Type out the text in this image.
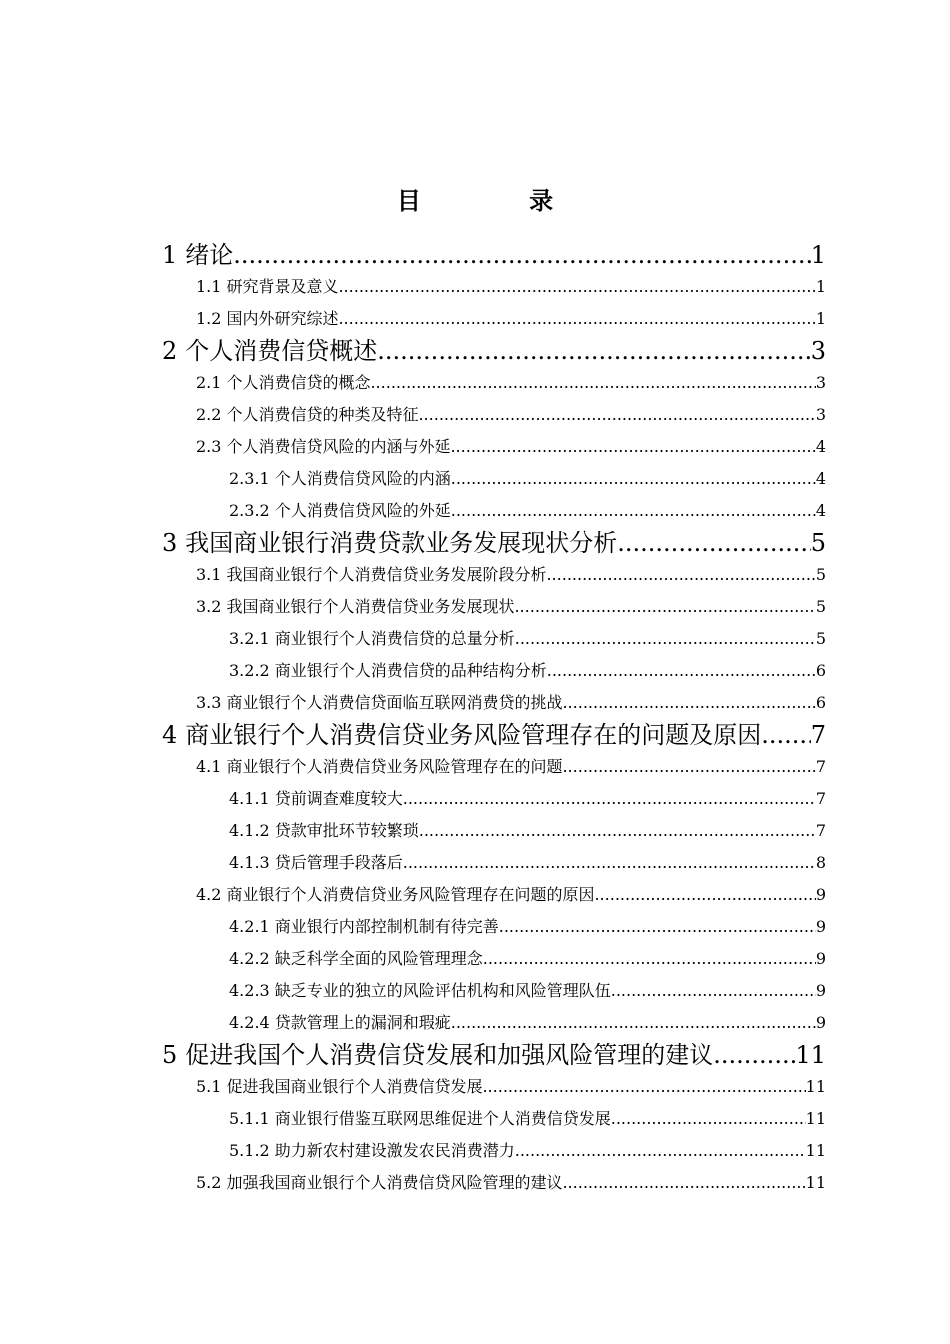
目 录
1 绪论 .....	1
1.1 研究背景及意义 .....	1
1.2 国内外研究综述 .....	1
2 个人消费信贷概述 .....	3
2.1 个人消费信贷的概念 .....	3
2.2 个人消费信贷的种类及特征 .....	3
2.3 个人消费信贷风险的内涵与外延 .....	4
2.3.1 个人消费信贷风险的内涵 .....	4
2.3.2 个人消费信贷风险的外延 .....	4
3 我国商业银行消费贷款业务发展现状分析 .....	5
3.1 我国商业银行个人消费信贷业务发展阶段分析 .....	5
3.2 我国商业银行个人消费信贷业务发展现状 .....	5
3.2.1 商业银行个人消费信贷的总量分析 .....	5
3.2.2 商业银行个人消费信贷的品种结构分析 .....	6
3.3 商业银行个人消费信贷面临互联网消费贷的挑战 .....	6
4 商业银行个人消费信贷业务风险管理存在的问题及原因 ..... 7
4.1 商业银行个人消费信贷业务风险管理存在的问题 .....	7
4.1.1 贷前调查难度较大 .....	7
4.1.2 贷款审批环节较繁琐 .....	7
4.1.3 贷后管理手段落后 .....	8
4.2 商业银行个人消费信贷业务风险管理存在问题的原因 .....	9
4.2.1 商业银行内部控制机制有待完善 .....	9
4.2.2 缺乏科学全面的风险管理理念 .....	9
4.2.3 缺乏专业的独立的风险评估机构和风险管理队伍 .....	9
4.2.4 贷款管理上的漏洞和瑕疵 .....	9
5 促进我国个人消费信贷发展和加强风险管理的建议 .....	11
5.1 促进我国商业银行个人消费信贷发展 .....	11
5.1.1 商业银行借鉴互联网思维促进个人消费信贷发展 .....	11
5.1.2 助力新农村建设激发农民消费潜力 .....	11
5.2 加强我国商业银行个人消费信贷风险管理的建议 .....	11
